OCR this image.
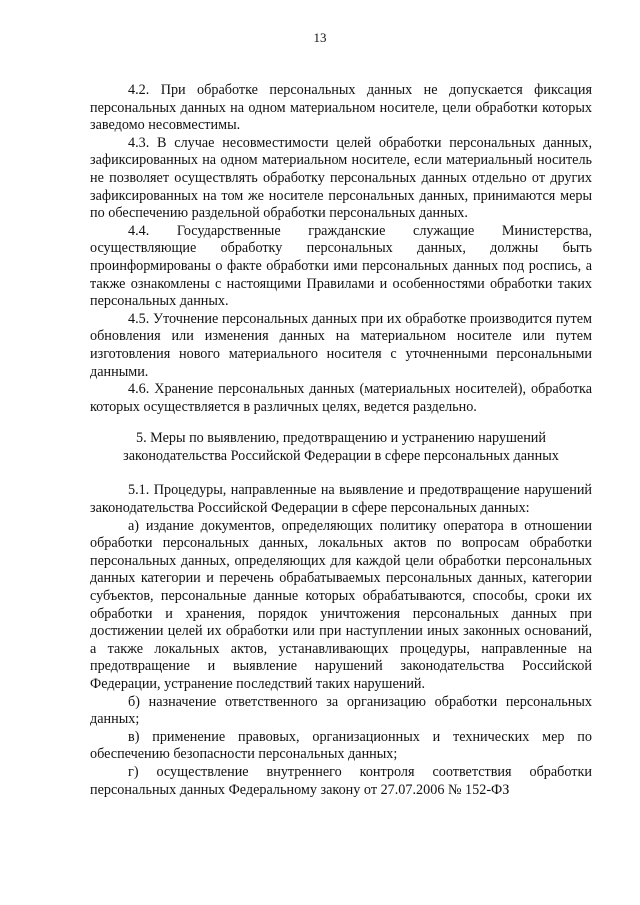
13

4.2. При обработке персональных данных не допускается фиксация персональных данных на одном материальном носителе, цели обработки которых заведомо несовместимы.

4.3. В случае несовместимости целей обработки персональных данных, зафиксированных на одном материальном носителе, если материальный носитель не позволяет осуществлять обработку персональных данных отдельно от других зафиксированных на том же носителе персональных данных, принимаются меры по обеспечению раздельной обработки персональных данных.

4.4. Государственные гражданские служащие Министерства, осуществляющие обработку персональных данных, должны быть проинформированы о факте обработки ими персональных данных под роспись, а также ознакомлены с настоящими Правилами и особенностями обработки таких персональных данных.

4.5. Уточнение персональных данных при их обработке производится путем обновления или изменения данных на материальном носителе или путем изготовления нового материального носителя с уточненными персональными данными.

4.6. Хранение персональных данных (материальных носителей), обработка которых осуществляется в различных целях, ведется раздельно.

5. Меры по выявлению, предотвращению и устранению нарушений законодательства Российской Федерации в сфере персональных данных

5.1. Процедуры, направленные на выявление и предотвращение нарушений законодательства Российской Федерации в сфере персональных данных:

а) издание документов, определяющих политику оператора в отношении обработки персональных данных, локальных актов по вопросам обработки персональных данных, определяющих для каждой цели обработки персональных данных категории и перечень обрабатываемых персональных данных, категории субъектов, персональные данные которых обрабатываются, способы, сроки их обработки и хранения, порядок уничтожения персональных данных при достижении целей их обработки или при наступлении иных законных оснований, а также локальных актов, устанавливающих процедуры, направленные на предотвращение и выявление нарушений законодательства Российской Федерации, устранение последствий таких нарушений.

б) назначение ответственного за организацию обработки персональных данных;

в) применение правовых, организационных и технических мер по обеспечению безопасности персональных данных;

г) осуществление внутреннего контроля соответствия обработки персональных данных Федеральному закону от 27.07.2006 № 152-ФЗ
